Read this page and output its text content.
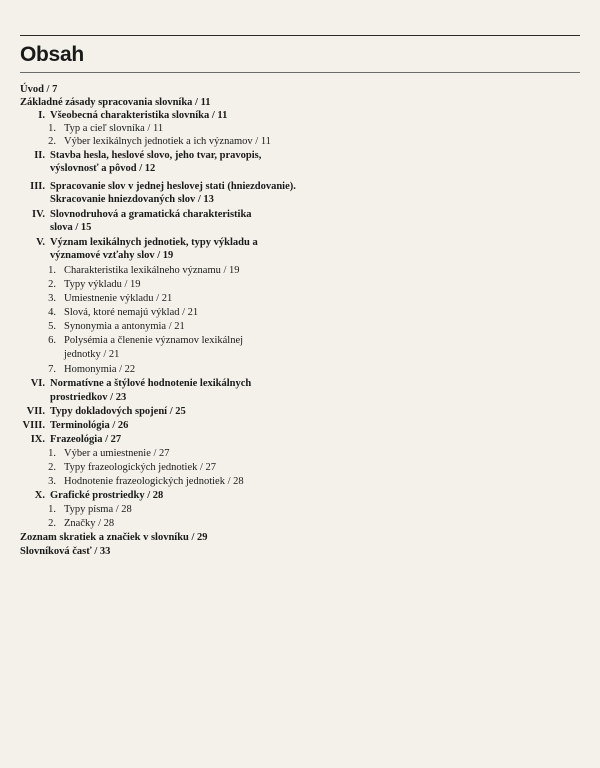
Obsah
Úvod / 7
Základné zásady spracovania slovníka / 11
I. Všeobecná charakteristika slovníka / 11
1. Typ a cieľ slovníka / 11
2. Výber lexikálnych jednotiek a ich významov / 11
II. Stavba hesla, heslové slovo, jeho tvar, pravopis,
výslovnosť a pôvod / 12
III. Spracovanie slov v jednej heslovej stati (hniezdovanie).
Skracovanie hniezdovaných slov / 13
IV. Slovnodruhová a gramatická charakteristika
slova / 15
V. Význam lexikálnych jednotiek, typy výkladu a
významové vzťahy slov / 19
1. Charakteristika lexikálneho významu / 19
2. Typy výkladu / 19
3. Umiestnenie výkladu / 21
4. Slová, ktoré nemajú výklad / 21
5. Synonymia a antonymia / 21
6. Polysémia a členenie významov lexikálnej
jednotky / 21
7. Homonymia / 22
VI. Normatívne a štýlové hodnotenie lexikálnych
prostriedkov / 23
VII. Typy dokladových spojení / 25
VIII. Terminológia / 26
IX. Frazeológia / 27
1. Výber a umiestnenie / 27
2. Typy frazeologických jednotiek / 27
3. Hodnotenie frazeologických jednotiek / 28
X. Grafické prostriedky / 28
1. Typy písma / 28
2. Značky / 28
Zoznam skratiek a značiek v slovníku / 29
Slovníková časť / 33
